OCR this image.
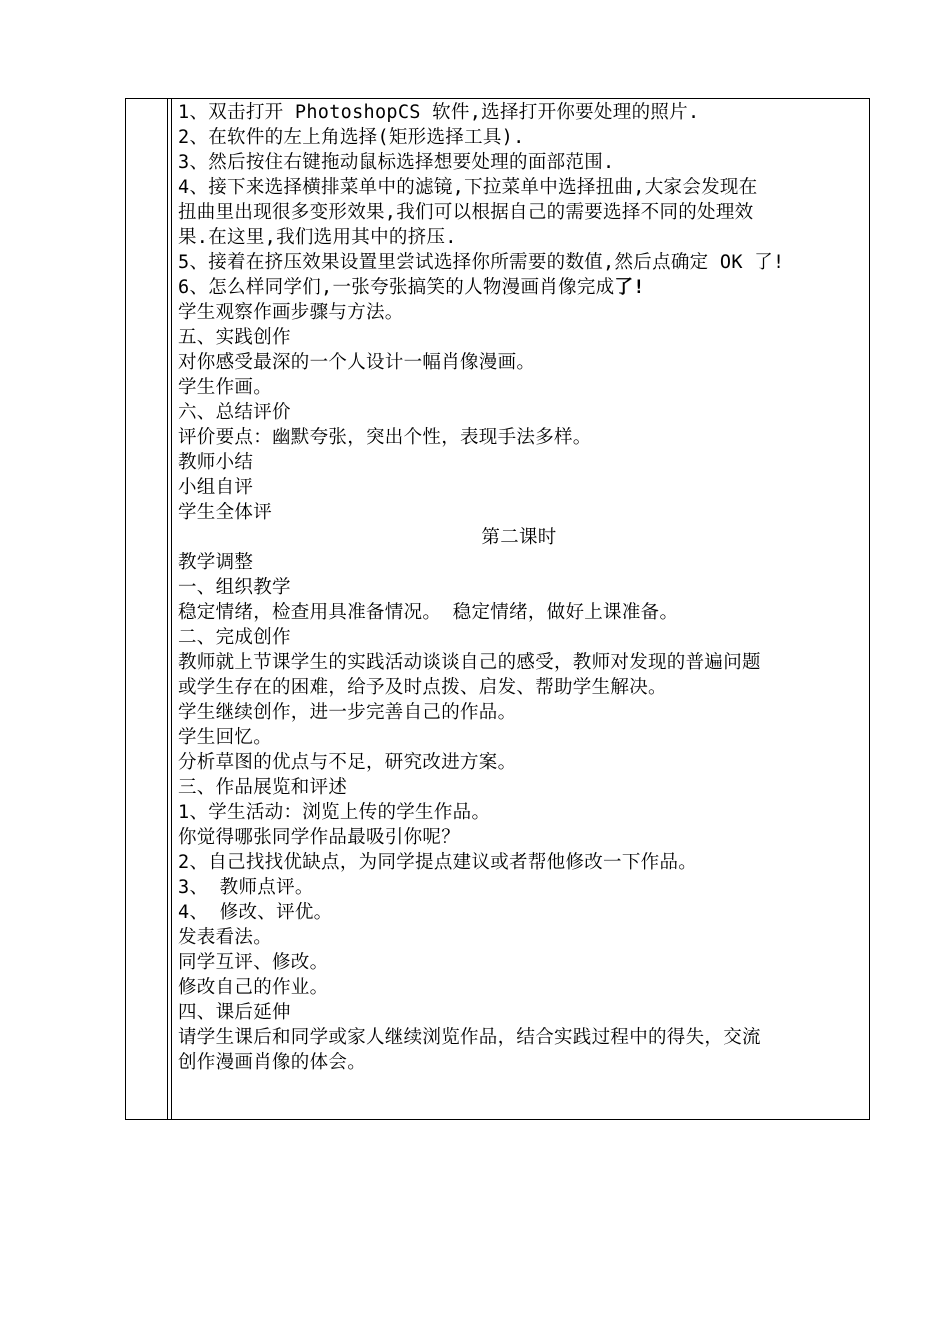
1、双击打开 PhotoshopCS 软件,选择打开你要处理的照片.
2、在软件的左上角选择(矩形选择工具).
3、然后按住右键拖动鼠标选择想要处理的面部范围.
4、接下来选择横排菜单中的滤镜,下拉菜单中选择扭曲,大家会发现在
扭曲里出现很多变形效果,我们可以根据自己的需要选择不同的处理效
果.在这里,我们选用其中的挤压.
5、接着在挤压效果设置里尝试选择你所需要的数值,然后点确定 OK 了!
6、怎么样同学们,一张夸张搞笑的人物漫画肖像完成了!
学生观察作画步骤与方法。
五、实践创作
对你感受最深的一个人设计一幅肖像漫画。
学生作画。
六、总结评价
评价要点：幽默夸张，突出个性，表现手法多样。
教师小结
小组自评
学生全体评
第二课时
教学调整
一、组织教学
稳定情绪，检查用具准备情况。 稳定情绪，做好上课准备。
二、完成创作
教师就上节课学生的实践活动谈谈自己的感受，教师对发现的普遍问题
或学生存在的困难，给予及时点拨、启发、帮助学生解决。
学生继续创作，进一步完善自己的作品。
学生回忆。
分析草图的优点与不足，研究改进方案。
三、作品展览和评述
1、学生活动：浏览上传的学生作品。
你觉得哪张同学作品最吸引你呢？
2、自己找找优缺点，为同学提点建议或者帮他修改一下作品。
3、 教师点评。
4、 修改、评优。
发表看法。
同学互评、修改。
修改自己的作业。
四、课后延伸
请学生课后和同学或家人继续浏览作品，结合实践过程中的得失，交流
创作漫画肖像的体会。
